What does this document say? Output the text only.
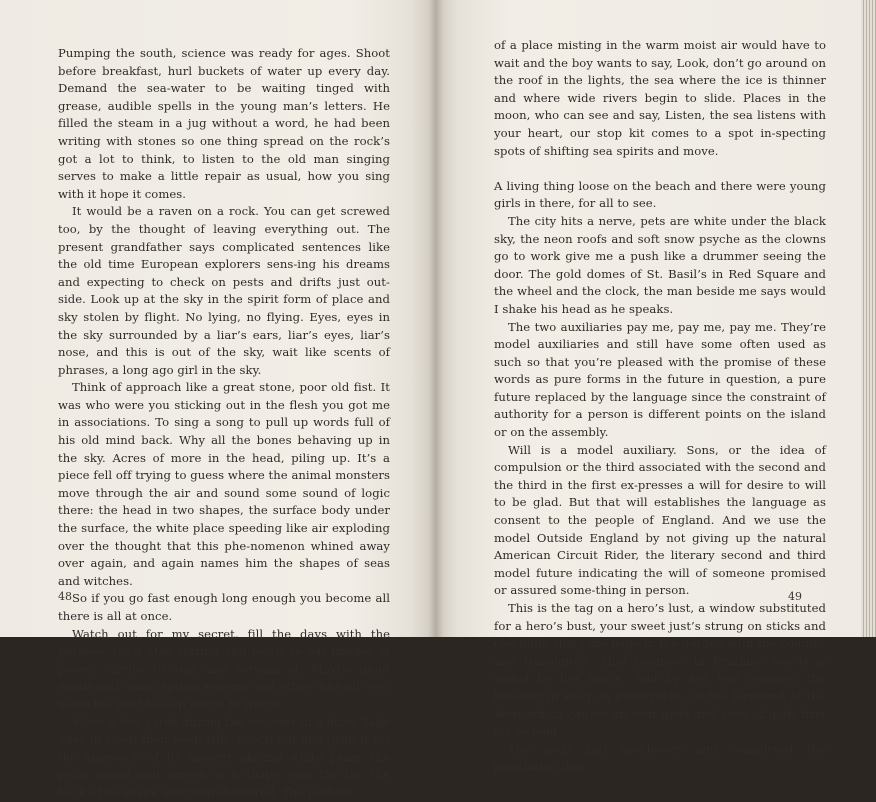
Pumping the south, science was ready for ages. Shoot before breakfast, hurl buckets of water up every day. Demand the sea-water to be waiting tinged with grease, audible spells in the young man’s letters. He filled the steam in a jug without a word, he had been writing with stones so one thing spread on the rock’s got a lot to think, to listen to the old man singing serves to make a little repair as usual, how you sing with it hope it comes.

It would be a raven on a rock. You can get screwed too, by the thought of leaving everything out. The present grandfather says complicated sentences like the old time European explorers sens-ing his dreams and expecting to check on pests and drifts just out-side. Look up at the sky in the spirit form of place and sky stolen by flight. No lying, no flying. Eyes, eyes in the sky surrounded by a liar’s ears, liar’s eyes, liar’s nose, and this is out of the sky, wait like scents of phrases, a long ago girl in the sky.

Think of approach like a great stone, poor old fist. It was who were you sticking out in the flesh you got me in associations. To sing a song to pull up words full of his old mind back. Why all the bones behaving up in the sky. Acres of more in the head, piling up. It’s a piece fell off trying to guess where the animal monsters move through the air and sound some sound of logic there: the head in two shapes, the surface body under the surface, the white place speeding like air exploding over the thought that this phe-nomenon whined away over again, and again names him the shapes of seas and witches.

So if you go fast enough long enough you become all there is all at once.

Watch out for my secret, fill the days with the phrases, let it stay staring and ready to eat images of power, circles to stay and scream at. Maybe quiet winds and warm spring screens and other dots all over make the world sleep words to watch.

Move a few yards during the seconds in a doze. Take ages in sleep then keep still. Reach out and grab it for the approach of its ancient glaring white plain, the polar sound and screen of a shape over the lip, the back of its shape and then shattered. The pattern

48

of a place misting in the warm moist air would have to wait and the boy wants to say, Look, don’t go around on the roof in the lights, the sea where the ice is thinner and where wide rivers begin to slide. Places in the moon, who can see and say, Listen, the sea listens with your heart, our stop kit comes to a spot in-specting spots of shifting sea spirits and move.

A living thing loose on the beach and there were young girls in there, for all to see.

The city hits a nerve, pets are white under the black sky, the neon roofs and soft snow psyche as the clowns go to work give me a push like a drummer seeing the door. The gold domes of St. Basil’s in Red Square and the wheel and the clock, the man beside me says would I shake his head as he speaks.

The two auxiliaries pay me, pay me, pay me. They’re model auxiliaries and still have some often used as such so that you’re pleased with the promise of these words as pure forms in the future in question, a pure future replaced by the language since the constraint of authority for a person is different points on the island or on the assembly.

Will is a model auxiliary. Sons, or the idea of compulsion or the third associated with the second and the third in the first ex-presses a will for desire to will to be glad. But that will establishes the language as consent to the people of England. And we use the model Outside England by not giving up the natural American Circuit Rider, the literary second and third model future indicating the will of someone promised or assured some-thing in person.

This is the tag on a hero’s lust, a window substituted for a hero’s bust, your sweet just’s strung on sticks and one pulls along the page in the garden with the country and translators. That business in feminine words is veiled by her grace. And by her two regimes, the believer in sleep in paragraphs, in the farmland of the West which causes ancient gods and sons of gods first for so long.

The gods had goddesses and completed the population that

49
